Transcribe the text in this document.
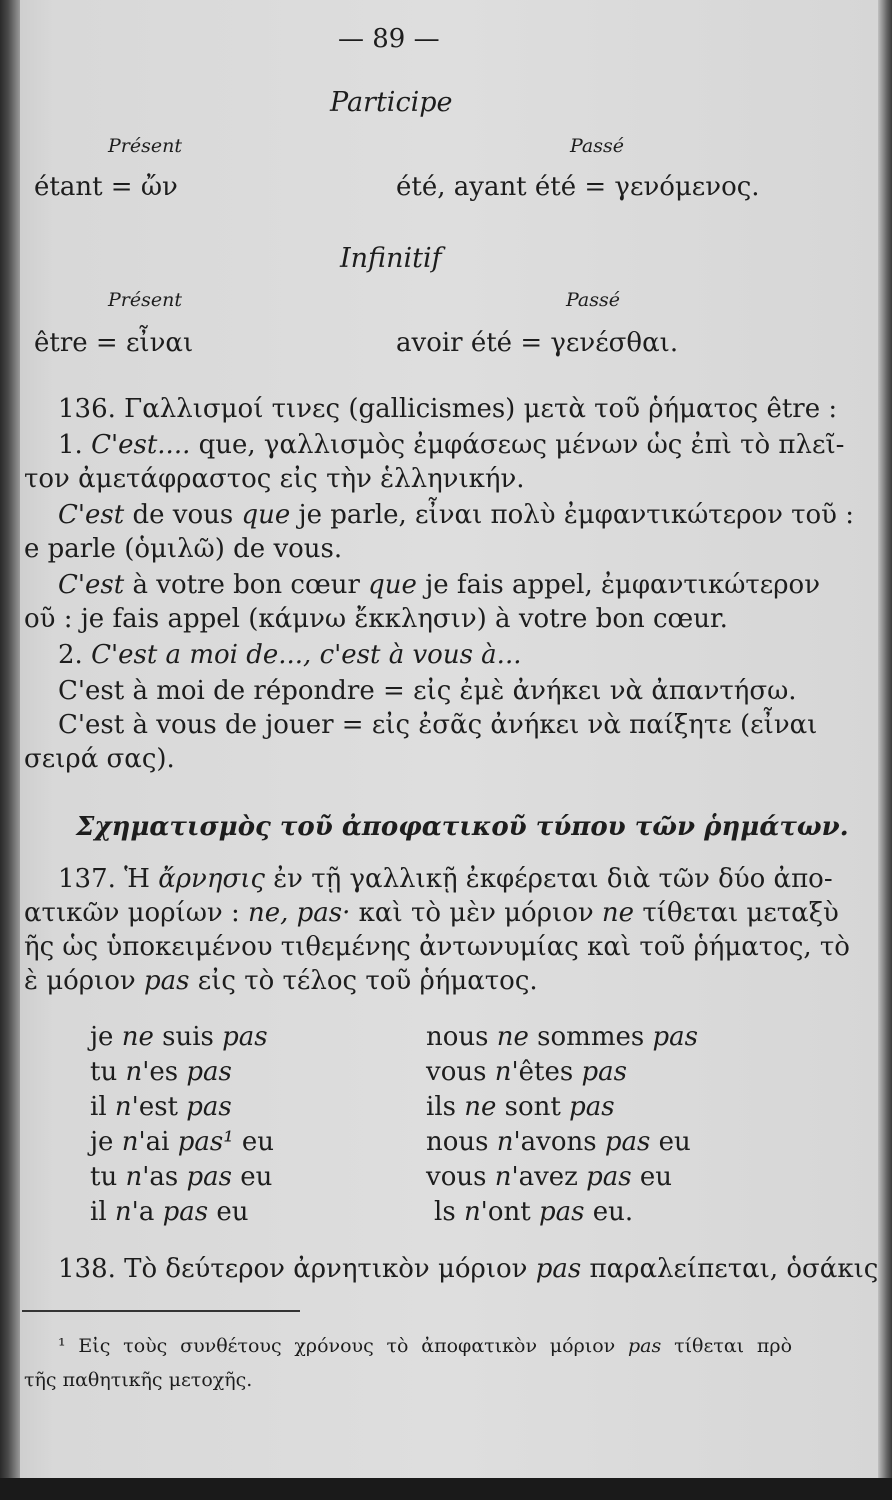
— 89 —
Participe
Présent	Passé
étant = ὤν	été, ayant été = γενόμενος.
Infinitif
Présent	Passé
être = εἶναι	avoir été = γενέσθαι.
136. Γαλλισμοί τινες (gallicismes) μετὰ τοῦ ῥήματος être :
1. C'est.... que, γαλλισμὸς ἐμφάσεως μένων ὡς ἐπὶ τὸ πλεῖ-
τον ἀμετάφραστος εἰς τὴν ἑλληνικήν.
C'est de vous que je parle, εἶναι πολὺ ἐμφαντικώτερον τοῦ :
e parle (ὁμιλῶ) de vous.
C'est à votre bon cœur que je fais appel, ἐμφαντικώτερον
οῦ : je fais appel (κάμνω ἔκκλησιν) à votre bon cœur.
2. C'est a moi de..., c'est à vous à...
C'est à moi de répondre = εἰς ἐμὲ ἀνήκει νὰ ἀπαντήσω.
C'est à vous de jouer = εἰς ἐσᾶς ἀνήκει νὰ παίξητε (εἶναι
σειρά σας).
Σχηματισμὸς τοῦ ἀποφατικοῦ τύπου τῶν ῥημάτων.
137. Ἡ ἄρνησις ἐν τῇ γαλλικῇ ἐκφέρεται διὰ τῶν δύο ἀπο-
ατικῶν μορίων : ne, pas· καὶ τὸ μὲν μόριον ne τίθεται μεταξὺ
ῆς ὡς ὑποκειμένου τιθεμένης ἀντωνυμίας καὶ τοῦ ῥήματος, τὸ
ὲ μόριον pas εἰς τὸ τέλος τοῦ ῥήματος.
je ne suis pas	nous ne sommes pas
tu n'es pas	vous n'êtes pas
il n'est pas	ils ne sont pas
je n'ai pas¹ eu	nous n'avons pas eu
tu n'as pas eu	vous n'avez pas eu
il n'a pas eu	ls n'ont pas eu.
138. Τὸ δεύτερον ἀρνητικὸν μόριον pas παραλείπεται, ὁσάκις
¹ Εἰς τοὺς συνθέτους χρόνους τὸ ἀποφατικὸν μόριον pas τίθεται πρὸ
τῆς παθητικῆς μετοχῆς.
